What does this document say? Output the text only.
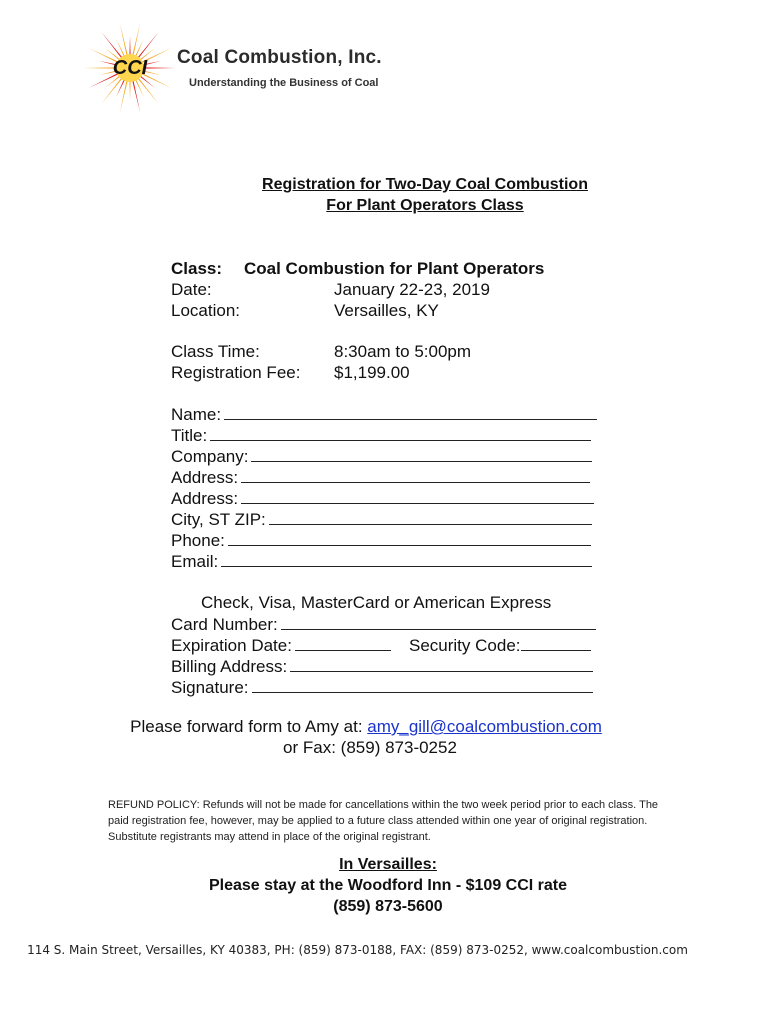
CCI Coal Combustion, Inc.
Understanding the Business of Coal
Registration for Two-Day Coal Combustion
For Plant Operators Class
Class: Coal Combustion for Plant Operators
Date:	January 22-23, 2019
Location:	Versailles, KY
Class Time:	8:30am to 5:00pm
Registration Fee: $1,199.00
Name:
Title:
Company:
Address:
Address:
City, ST ZIP:
Phone:
Email:
Check, Visa, MasterCard or American Express
Card Number:
Expiration Date:	Security Code:
Billing Address:
Signature:
Please forward form to Amy at: amy_gill@coalcombustion.com
or Fax: (859) 873-0252
REFUND POLICY: Refunds will not be made for cancellations within the two week period prior to each class. The paid registration fee, however, may be applied to a future class attended within one year of original registration. Substitute registrants may attend in place of the original registrant.
In Versailles:
Please stay at the Woodford Inn - $109 CCI rate
(859) 873-5600
114 S. Main Street, Versailles, KY 40383, PH: (859) 873-0188, FAX: (859) 873-0252, www.coalcombustion.com
